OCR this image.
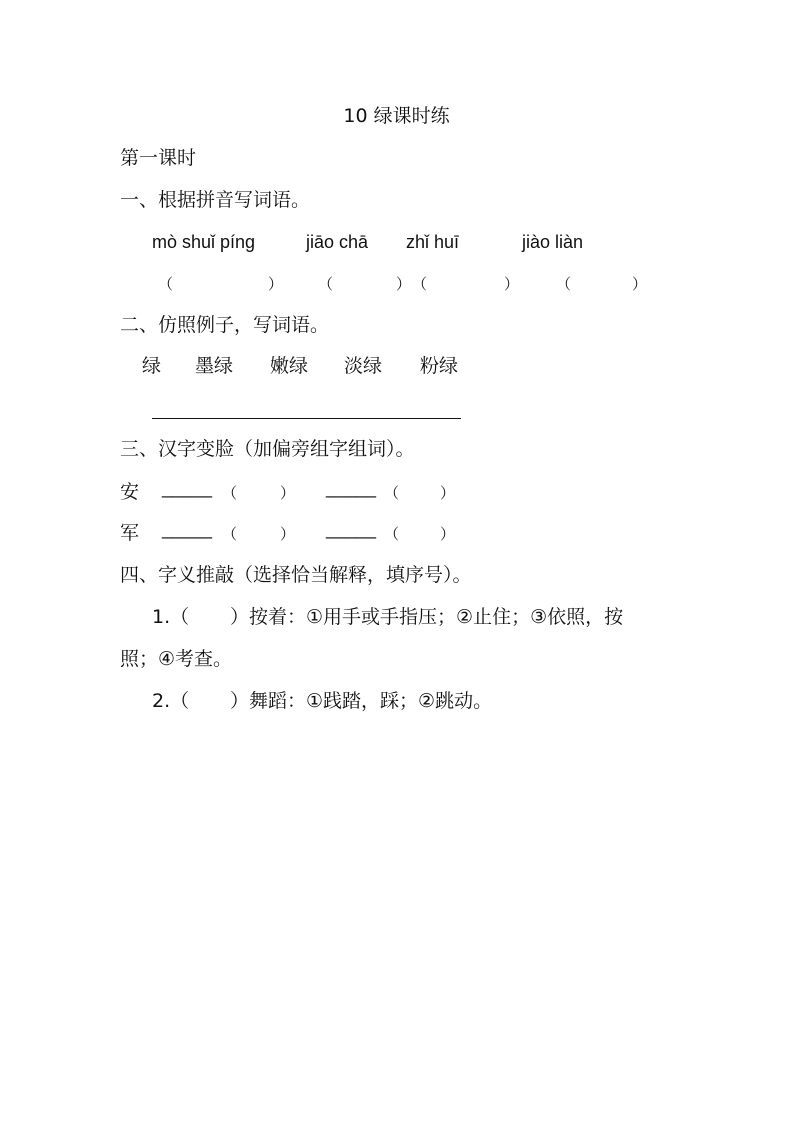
10 绿课时练
第一课时
一、根据拼音写词语。
mò shuǐ pínɡ	jiāo chā zhǐ huī	jiào liàn
（	） （	） （	） （	）
二、仿照例子，写词语。
绿 墨绿 嫩绿 淡绿 粉绿
三、汉字变脸（加偏旁组字组词）。
安 _____ （	） _____ （	）
军 _____ （	） _____ （	）
四、字义推敲（选择恰当解释，填序号）。
1.（ ）按着：①用手或手指压；②止住；③依照，按
照；④考查。
2.（ ）舞蹈：①践踏，踩；②跳动。
